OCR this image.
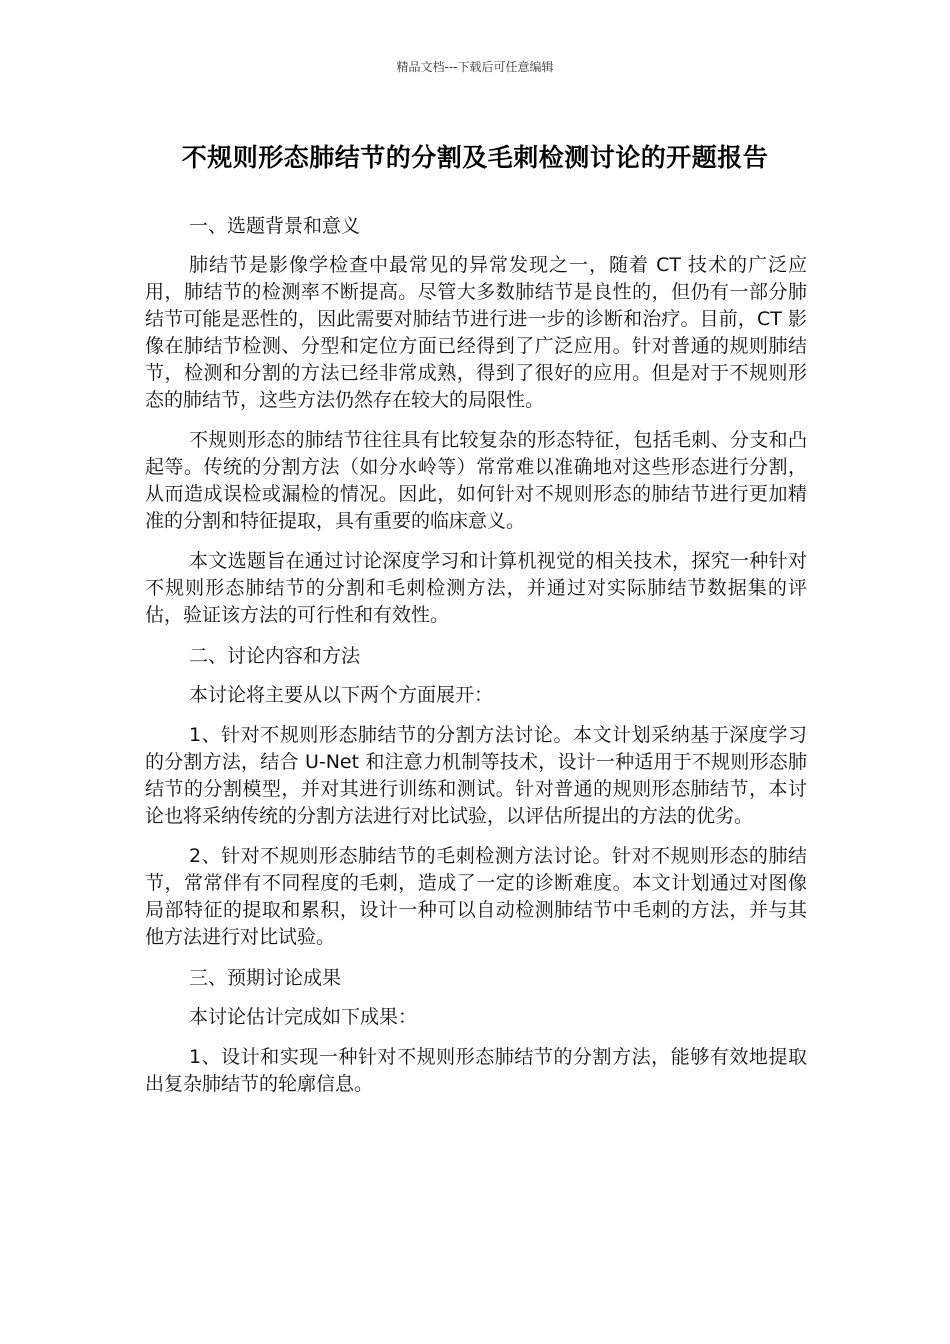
精品文档---下载后可任意编辑
不规则形态肺结节的分割及毛刺检测讨论的开题报告
一、选题背景和意义

肺结节是影像学检查中最常见的异常发现之一，随着 CT 技术的广泛应用，肺结节的检测率不断提高。尽管大多数肺结节是良性的，但仍有一部分肺结节可能是恶性的，因此需要对肺结节进行进一步的诊断和治疗。目前，CT 影像在肺结节检测、分型和定位方面已经得到了广泛应用。针对普通的规则肺结节，检测和分割的方法已经非常成熟，得到了很好的应用。但是对于不规则形态的肺结节，这些方法仍然存在较大的局限性。

不规则形态的肺结节往往具有比较复杂的形态特征，包括毛刺、分支和凸起等。传统的分割方法（如分水岭等）常常难以准确地对这些形态进行分割，从而造成误检或漏检的情况。因此，如何针对不规则形态的肺结节进行更加精准的分割和特征提取，具有重要的临床意义。

本文选题旨在通过讨论深度学习和计算机视觉的相关技术，探究一种针对不规则形态肺结节的分割和毛刺检测方法，并通过对实际肺结节数据集的评估，验证该方法的可行性和有效性。

二、讨论内容和方法

本讨论将主要从以下两个方面展开：

1、针对不规则形态肺结节的分割方法讨论。本文计划采纳基于深度学习的分割方法，结合 U-Net 和注意力机制等技术，设计一种适用于不规则形态肺结节的分割模型，并对其进行训练和测试。针对普通的规则形态肺结节，本讨论也将采纳传统的分割方法进行对比试验，以评估所提出的方法的优劣。

2、针对不规则形态肺结节的毛刺检测方法讨论。针对不规则形态的肺结节，常常伴有不同程度的毛刺，造成了一定的诊断难度。本文计划通过对图像局部特征的提取和累积，设计一种可以自动检测肺结节中毛刺的方法，并与其他方法进行对比试验。

三、预期讨论成果

本讨论估计完成如下成果：

1、设计和实现一种针对不规则形态肺结节的分割方法，能够有效地提取出复杂肺结节的轮廓信息。
